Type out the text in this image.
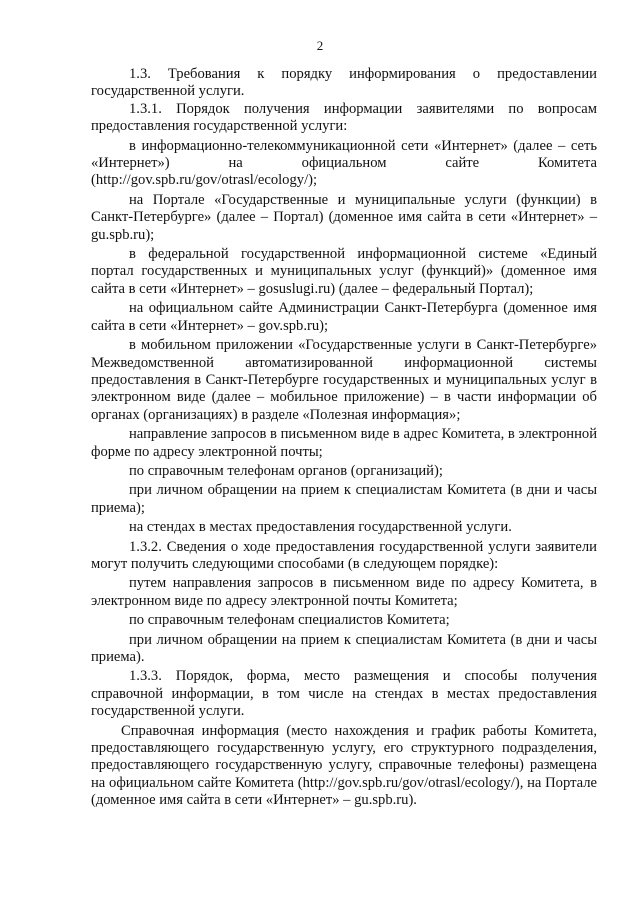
2

1.3. Требования к порядку информирования о предоставлении государственной услуги.

1.3.1. Порядок получения информации заявителями по вопросам предоставления государственной услуги:

в информационно-телекоммуникационной сети «Интернет» (далее – сеть «Интернет») на официальном сайте Комитета (http://gov.spb.ru/gov/otrasl/ecology/);

на Портале «Государственные и муниципальные услуги (функции) в Санкт-Петербурге» (далее – Портал) (доменное имя сайта в сети «Интернет» – gu.spb.ru);

в федеральной государственной информационной системе «Единый портал государственных и муниципальных услуг (функций)» (доменное имя сайта в сети «Интернет» – gosuslugi.ru) (далее – федеральный Портал);

на официальном сайте Администрации Санкт-Петербурга (доменное имя сайта в сети «Интернет» – gov.spb.ru);

в мобильном приложении «Государственные услуги в Санкт-Петербурге» Межведомственной автоматизированной информационной системы предоставления в Санкт-Петербурге государственных и муниципальных услуг в электронном виде (далее – мобильное приложение) – в части информации об органах (организациях) в разделе «Полезная информация»;

направление запросов в письменном виде в адрес Комитета, в электронной форме по адресу электронной почты;

по справочным телефонам органов (организаций);

при личном обращении на прием к специалистам Комитета (в дни и часы приема);

на стендах в местах предоставления государственной услуги.

1.3.2. Сведения о ходе предоставления государственной услуги заявители могут получить следующими способами (в следующем порядке):

путем направления запросов в письменном виде по адресу Комитета, в электронном виде по адресу электронной почты Комитета;

по справочным телефонам специалистов Комитета;

при личном обращении на прием к специалистам Комитета (в дни и часы приема).

1.3.3. Порядок, форма, место размещения и способы получения справочной информации, в том числе на стендах в местах предоставления государственной услуги.

Справочная информация (место нахождения и график работы Комитета, предоставляющего государственную услугу, его структурного подразделения, предоставляющего государственную услугу, справочные телефоны) размещена на официальном сайте Комитета (http://gov.spb.ru/gov/otrasl/ecology/), на Портале (доменное имя сайта в сети «Интернет» – gu.spb.ru).
